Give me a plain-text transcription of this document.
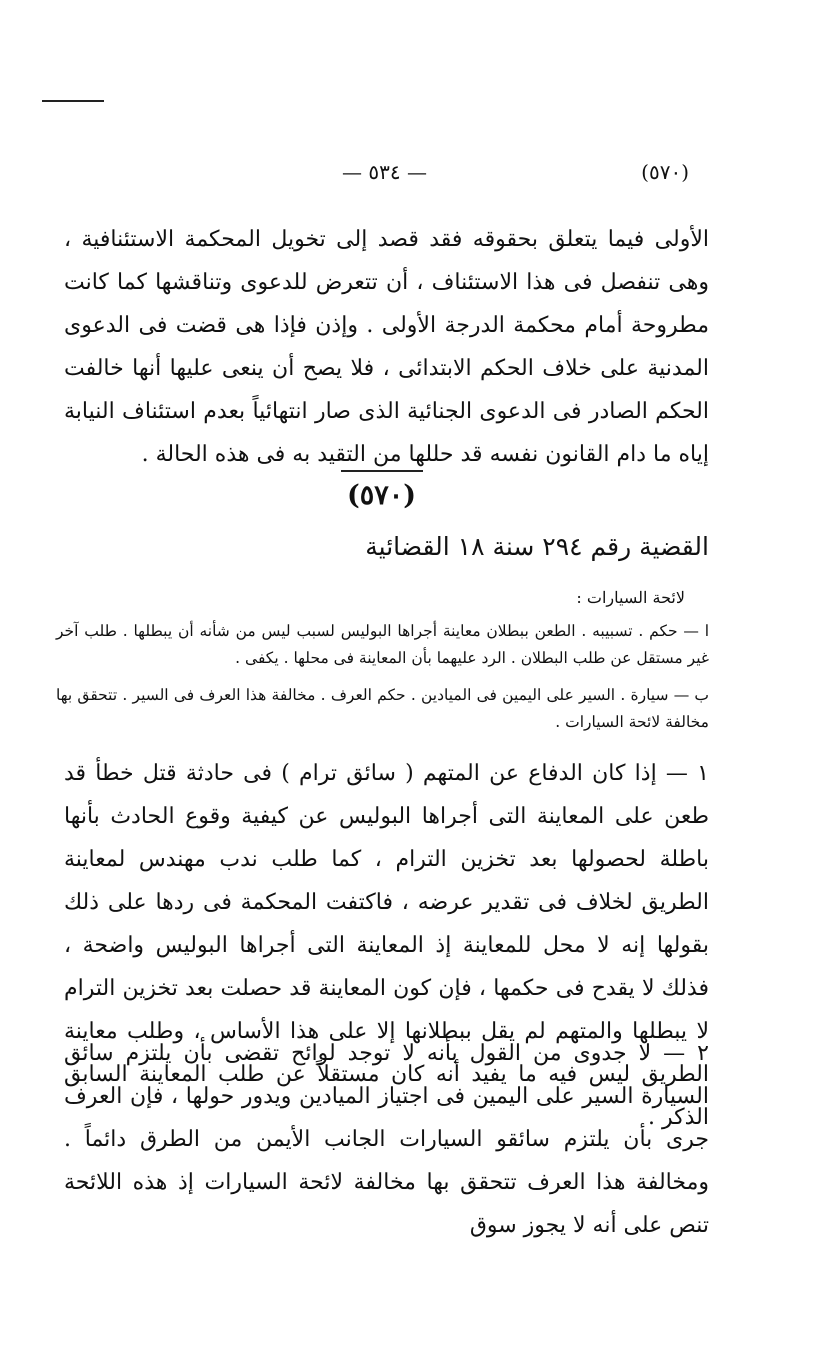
— ٥٣٤ —	(٥٧٠)

الأولى فيما يتعلق بحقوقه فقد قصد إلى تخويل المحكمة الاستئنافية ، وهى تنفصل فى هذا الاستئناف ، أن تتعرض للدعوى وتناقشها كما كانت مطروحة أمام محكمة الدرجة الأولى . وإذن فإذا هى قضت فى الدعوى المدنية على خلاف الحكم الابتدائى ، فلا يصح أن ينعى عليها أنها خالفت الحكم الصادر فى الدعوى الجنائية الذى صار انتهائياً بعدم استئناف النيابة إياه ما دام القانون نفسه قد حللها من التقيد به فى هذه الحالة .

(٥٧٠)
القضية رقم ٢٩٤ سنة ١٨ القضائية
لائحة السيارات :

ا — حكم . تسبيبه . الطعن ببطلان معاينة أجراها البوليس لسبب ليس من شأنه أن يبطلها . طلب آخر غير مستقل عن طلب البطلان . الرد عليهما بأن المعاينة فى محلها . يكفى .

ب — سيارة . السير على اليمين فى الميادين . حكم العرف . مخالفة هذا العرف فى السير . تتحقق بها مخالفة لائحة السيارات .

١ — إذا كان الدفاع عن المتهم ( سائق ترام ) فى حادثة قتل خطأ قد طعن على المعاينة التى أجراها البوليس عن كيفية وقوع الحادث بأنها باطلة لحصولها بعد تخزين الترام ، كما طلب ندب مهندس لمعاينة الطريق لخلاف فى تقدير عرضه ، فاكتفت المحكمة فى ردها على ذلك بقولها إنه لا محل للمعاينة إذ المعاينة التى أجراها البوليس واضحة ، فذلك لا يقدح فى حكمها ، فإن كون المعاينة قد حصلت بعد تخزين الترام لا يبطلها والمتهم لم يقل ببطلانها إلا على هذا الأساس ، وطلب معاينة الطريق ليس فيه ما يفيد أنه كان مستقلاً عن طلب المعاينة السابق الذكر .

٢ — لا جدوى من القول بأنه لا توجد لوائح تقضى بأن يلتزم سائق السيارة السير على اليمين فى اجتياز الميادين ويدور حولها ، فإن العرف جرى بأن يلتزم سائقو السيارات الجانب الأيمن من الطرق دائماً . ومخالفة هذا العرف تتحقق بها مخالفة لائحة السيارات إذ هذه اللائحة تنص على أنه لا يجوز سوق
